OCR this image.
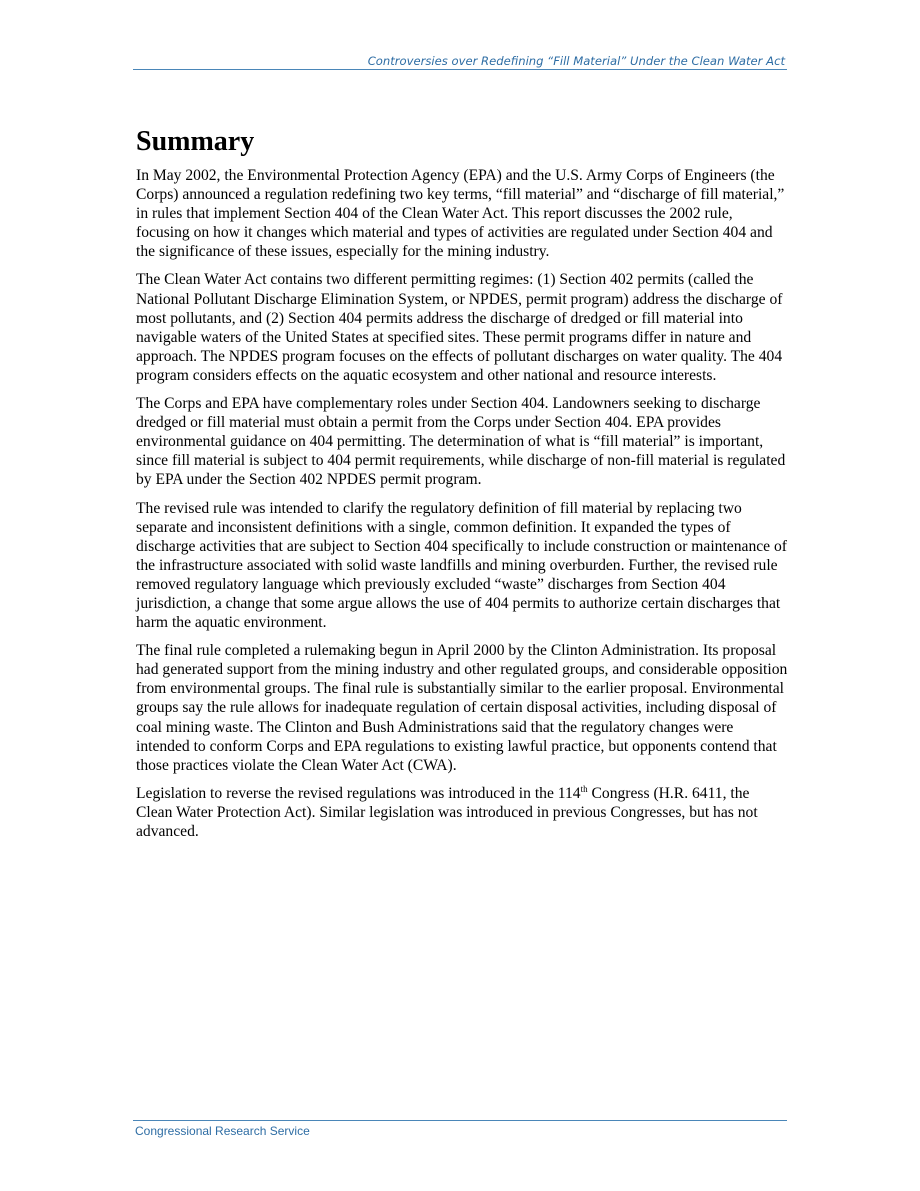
Controversies over Redefining “Fill Material” Under the Clean Water Act
Summary

In May 2002, the Environmental Protection Agency (EPA) and the U.S. Army Corps of Engineers (the Corps) announced a regulation redefining two key terms, “fill material” and “discharge of fill material,” in rules that implement Section 404 of the Clean Water Act. This report discusses the 2002 rule, focusing on how it changes which material and types of activities are regulated under Section 404 and the significance of these issues, especially for the mining industry.

The Clean Water Act contains two different permitting regimes: (1) Section 402 permits (called the National Pollutant Discharge Elimination System, or NPDES, permit program) address the discharge of most pollutants, and (2) Section 404 permits address the discharge of dredged or fill material into navigable waters of the United States at specified sites. These permit programs differ in nature and approach. The NPDES program focuses on the effects of pollutant discharges on water quality. The 404 program considers effects on the aquatic ecosystem and other national and resource interests.

The Corps and EPA have complementary roles under Section 404. Landowners seeking to discharge dredged or fill material must obtain a permit from the Corps under Section 404. EPA provides environmental guidance on 404 permitting. The determination of what is “fill material” is important, since fill material is subject to 404 permit requirements, while discharge of non-fill material is regulated by EPA under the Section 402 NPDES permit program.

The revised rule was intended to clarify the regulatory definition of fill material by replacing two separate and inconsistent definitions with a single, common definition. It expanded the types of discharge activities that are subject to Section 404 specifically to include construction or maintenance of the infrastructure associated with solid waste landfills and mining overburden. Further, the revised rule removed regulatory language which previously excluded “waste” discharges from Section 404 jurisdiction, a change that some argue allows the use of 404 permits to authorize certain discharges that harm the aquatic environment.

The final rule completed a rulemaking begun in April 2000 by the Clinton Administration. Its proposal had generated support from the mining industry and other regulated groups, and considerable opposition from environmental groups. The final rule is substantially similar to the earlier proposal. Environmental groups say the rule allows for inadequate regulation of certain disposal activities, including disposal of coal mining waste. The Clinton and Bush Administrations said that the regulatory changes were intended to conform Corps and EPA regulations to existing lawful practice, but opponents contend that those practices violate the Clean Water Act (CWA).

Legislation to reverse the revised regulations was introduced in the 114th Congress (H.R. 6411, the Clean Water Protection Act). Similar legislation was introduced in previous Congresses, but has not advanced.

Congressional Research Service
